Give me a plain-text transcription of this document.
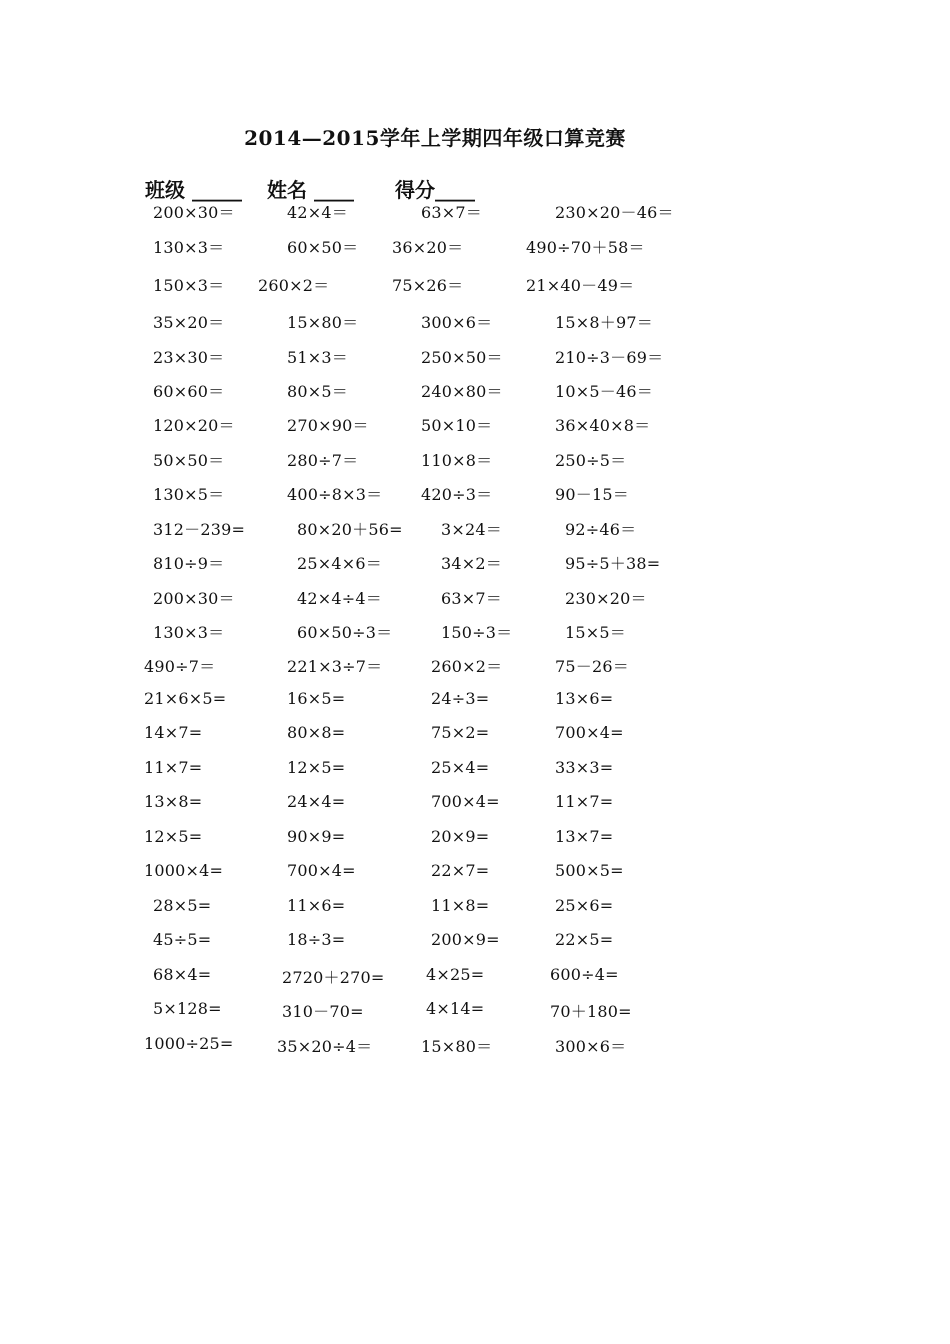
2014—2015学年上学期四年级口算竞赛
班级 _____ 姓名 ____ 得分____
200×30＝	42×4＝	63×7＝	230×20－46＝
130×3＝	60×50＝ 36×20＝	490÷70＋58＝
150×3＝ 260×2＝	75×26＝	21×40－49＝
35×20＝	15×80＝	300×6＝	15×8＋97＝
23×30＝	51×3＝	250×50＝	210÷3－69＝
60×60＝	80×5＝	240×80＝	10×5－46＝
120×20＝	270×90＝	50×10＝	36×40×8＝
50×50＝	280÷7＝	110×8＝	250÷5＝
130×5＝	400÷8×3＝ 420÷3＝	90－15＝
312－239=	80×20＋56= 3×24＝	92÷46＝
810÷9＝	25×4×6＝	34×2＝	95÷5＋38=
200×30＝	42×4÷4＝	63×7＝	230×20＝
130×3＝	60×50÷3＝	150÷3＝	15×5＝
490÷7＝	221×3÷7＝	260×2＝	75－26＝
21×6×5=	16×5=	24÷3=	13×6=
14×7=	80×8=	75×2=	700×4=
11×7=	12×5=	25×4=	33×3=
13×8=	24×4=	700×4=	11×7=
12×5=	90×9=	20×9=	13×7=
1000×4=	700×4=	22×7=	500×5=
28×5=	11×6=	11×8=	25×6=
45÷5=	18÷3=	200×9=	22×5=
68×4=	2720＋270=	4×25=	600÷4=
5×128=	310－70=	4×14=	70＋180=
1000÷25=	35×20÷4＝	15×80＝	300×6＝
